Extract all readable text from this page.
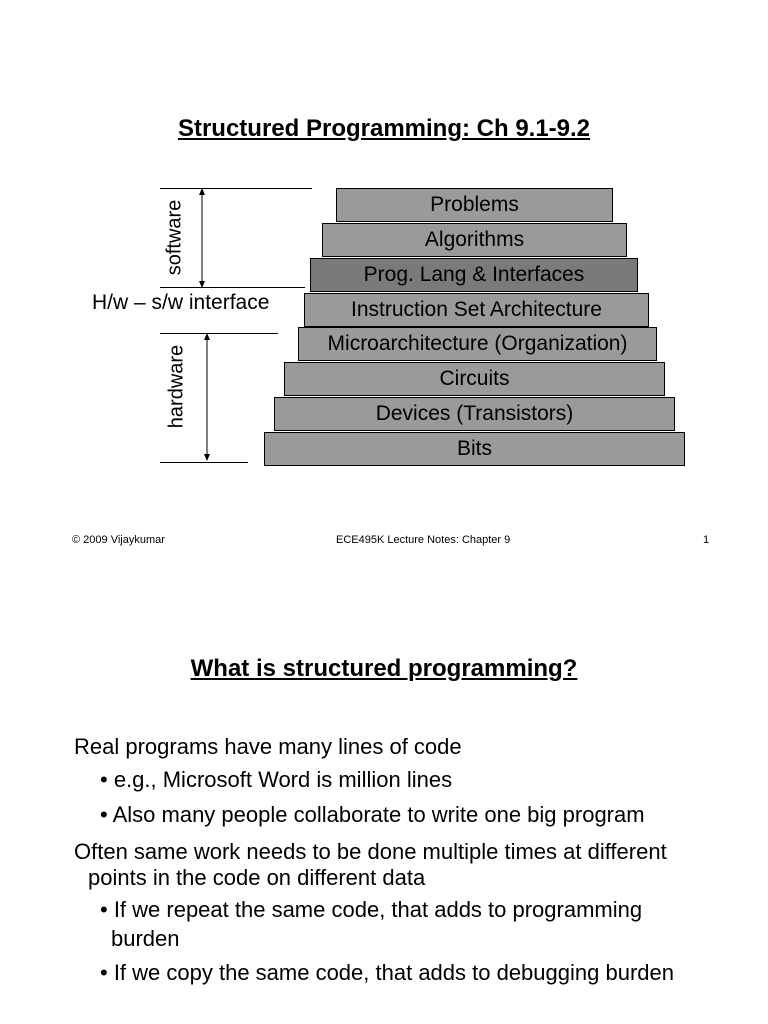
Structured Programming: Ch 9.1-9.2
Problems
Algorithms
Prog. Lang & Interfaces
Instruction Set Architecture
Microarchitecture (Organization)
Circuits
Devices (Transistors)
Bits
software
hardware
H/w – s/w interface
© 2009 Vijaykumar	ECE495K Lecture Notes: Chapter 9	1
What is structured programming?
Real programs have many lines of code
• e.g., Microsoft Word is million lines
• Also many people collaborate to write one big program
Often same work needs to be done multiple times at different
points in the code on different data
• If we repeat the same code, that adds to programming
burden
• If we copy the same code, that adds to debugging burden
